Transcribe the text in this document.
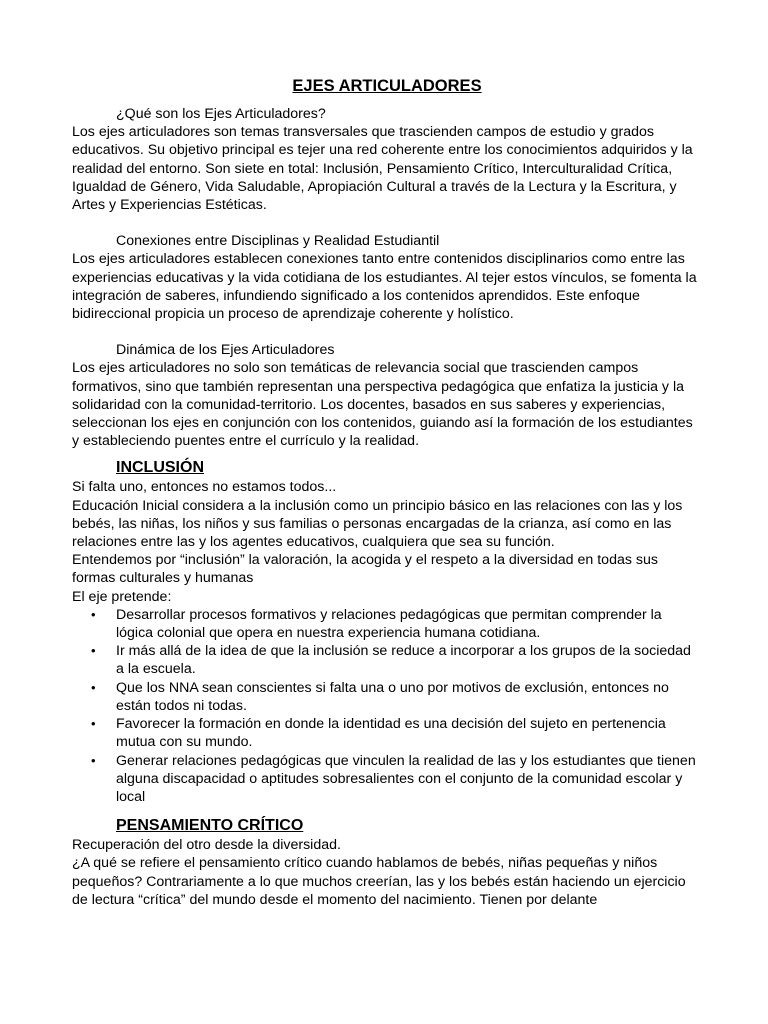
EJES ARTICULADORES

¿Qué son los Ejes Articuladores?

Los ejes articuladores son temas transversales que trascienden campos de estudio y grados educativos. Su objetivo principal es tejer una red coherente entre los conocimientos adquiridos y la realidad del entorno. Son siete en total: Inclusión, Pensamiento Crítico, Interculturalidad Crítica, Igualdad de Género, Vida Saludable, Apropiación Cultural a través de la Lectura y la Escritura, y Artes y Experiencias Estéticas.

Conexiones entre Disciplinas y Realidad Estudiantil

Los ejes articuladores establecen conexiones tanto entre contenidos disciplinarios como entre las experiencias educativas y la vida cotidiana de los estudiantes. Al tejer estos vínculos, se fomenta la integración de saberes, infundiendo significado a los contenidos aprendidos. Este enfoque bidireccional propicia un proceso de aprendizaje coherente y holístico.

Dinámica de los Ejes Articuladores

Los ejes articuladores no solo son temáticas de relevancia social que trascienden campos formativos, sino que también representan una perspectiva pedagógica que enfatiza la justicia y la solidaridad con la comunidad-territorio. Los docentes, basados en sus saberes y experiencias, seleccionan los ejes en conjunción con los contenidos, guiando así la formación de los estudiantes y estableciendo puentes entre el currículo y la realidad.

INCLUSIÓN

Si falta uno, entonces no estamos todos...

Educación Inicial considera a la inclusión como un principio básico en las relaciones con las y los bebés, las niñas, los niños y sus familias o personas encargadas de la crianza, así como en las relaciones entre las y los agentes educativos, cualquiera que sea su función.

Entendemos por “inclusión” la valoración, la acogida y el respeto a la diversidad en todas sus formas culturales y humanas

El eje pretende:

• Desarrollar procesos formativos y relaciones pedagógicas que permitan comprender la lógica colonial que opera en nuestra experiencia humana cotidiana.
• Ir más allá de la idea de que la inclusión se reduce a incorporar a los grupos de la sociedad a la escuela.
• Que los NNA sean conscientes si falta una o uno por motivos de exclusión, entonces no están todos ni todas.
• Favorecer la formación en donde la identidad es una decisión del sujeto en pertenencia mutua con su mundo.
• Generar relaciones pedagógicas que vinculen la realidad de las y los estudiantes que tienen alguna discapacidad o aptitudes sobresalientes con el conjunto de la comunidad escolar y local
PENSAMIENTO CRÍTICO

Recuperación del otro desde la diversidad.

¿A qué se refiere el pensamiento crítico cuando hablamos de bebés, niñas pequeñas y niños pequeños? Contrariamente a lo que muchos creerían, las y los bebés están haciendo un ejercicio de lectura “crítica” del mundo desde el momento del nacimiento. Tienen por delante
